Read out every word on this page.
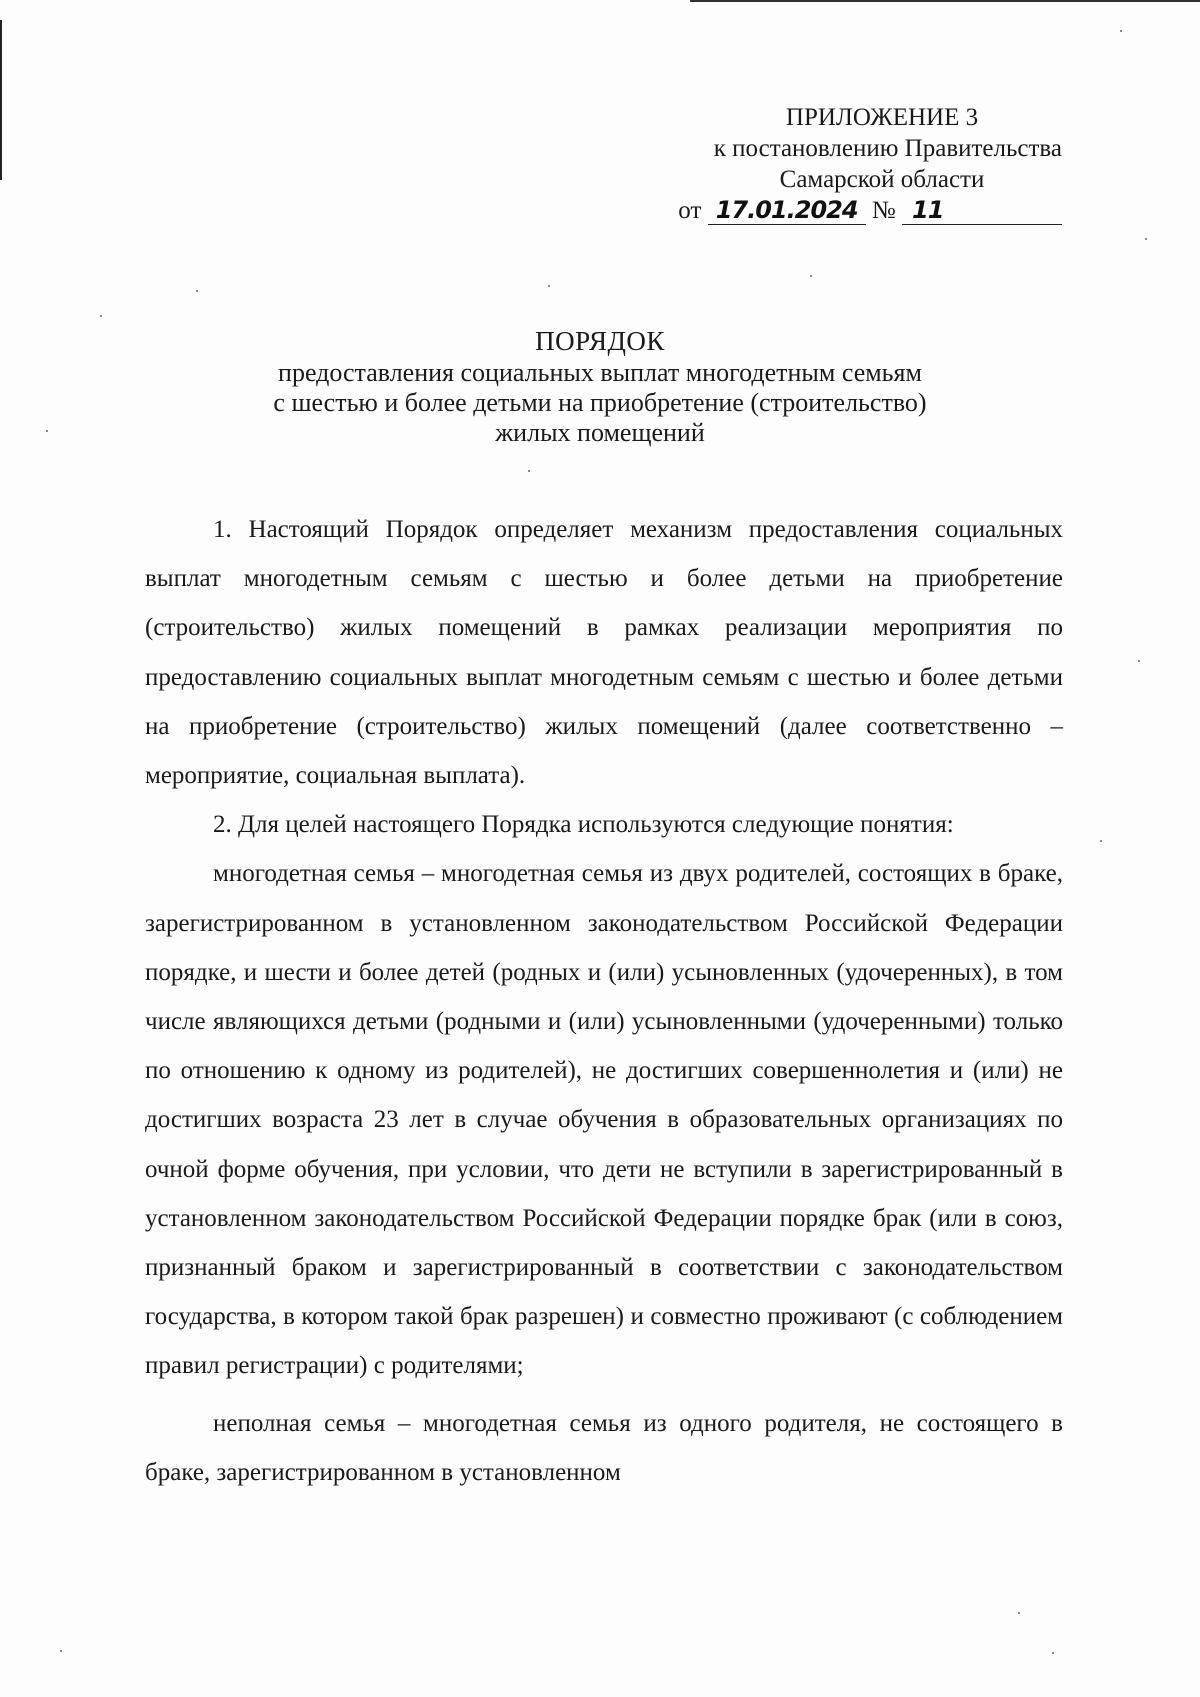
ПРИЛОЖЕНИЕ 3
к постановлению Правительства
Самарской области
от 17.01.2024 № 11
ПОРЯДОК
предоставления социальных выплат многодетным семьям
с шестью и более детьми на приобретение (строительство)
жилых помещений

1. Настоящий Порядок определяет механизм предоставления социальных выплат многодетным семьям с шестью и более детьми на приобретение (строительство) жилых помещений в рамках реализации мероприятия по предоставлению социальных выплат многодетным семьям с шестью и более детьми на приобретение (строительство) жилых помещений (далее соответственно – мероприятие, социальная выплата).

2. Для целей настоящего Порядка используются следующие понятия:

многодетная семья – многодетная семья из двух родителей, состоящих в браке, зарегистрированном в установленном законодательством Российской Федерации порядке, и шести и более детей (родных и (или) усыновленных (удочеренных), в том числе являющихся детьми (родными и (или) усыновленными (удочеренными) только по отношению к одному из родителей), не достигших совершеннолетия и (или) не достигших возраста 23 лет в случае обучения в образовательных организациях по очной форме обучения, при условии, что дети не вступили в зарегистрированный в установленном законодательством Российской Федерации порядке брак (или в союз, признанный браком и зарегистрированный в соответствии с законодательством государства, в котором такой брак разрешен) и совместно проживают (с соблюдением правил регистрации) с родителями;

неполная семья – многодетная семья из одного родителя, не состоящего в браке, зарегистрированном в установленном
